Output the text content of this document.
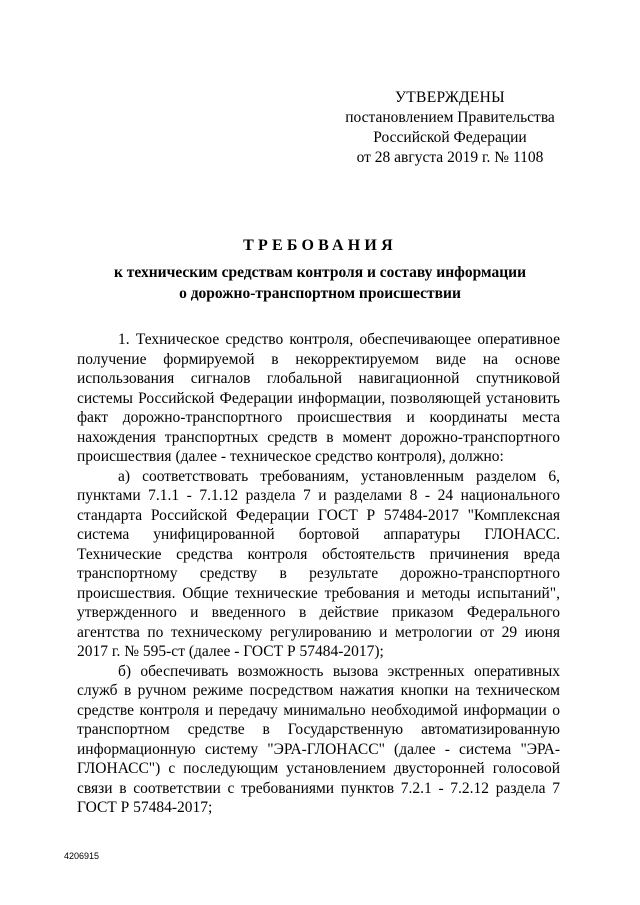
УТВЕРЖДЕНЫ
постановлением Правительства
Российской Федерации
от 28 августа 2019 г. № 1108
ТРЕБОВАНИЯ
к техническим средствам контроля и составу информации
о дорожно-транспортном происшествии

1. Техническое средство контроля, обеспечивающее оперативное получение формируемой в некорректируемом виде на основе использования сигналов глобальной навигационной спутниковой системы Российской Федерации информации, позволяющей установить факт дорожно-транспортного происшествия и координаты места нахождения транспортных средств в момент дорожно-транспортного происшествия (далее - техническое средство контроля), должно:

а) соответствовать требованиям, установленным разделом 6, пунктами 7.1.1 - 7.1.12 раздела 7 и разделами 8 - 24 национального стандарта Российской Федерации ГОСТ Р 57484-2017 "Комплексная система унифицированной бортовой аппаратуры ГЛОНАСС. Технические средства контроля обстоятельств причинения вреда транспортному средству в результате дорожно-транспортного происшествия. Общие технические требования и методы испытаний", утвержденного и введенного в действие приказом Федерального агентства по техническому регулированию и метрологии от 29 июня 2017 г. № 595-ст (далее - ГОСТ Р 57484-2017);

б) обеспечивать возможность вызова экстренных оперативных служб в ручном режиме посредством нажатия кнопки на техническом средстве контроля и передачу минимально необходимой информации о транспортном средстве в Государственную автоматизированную информационную систему "ЭРА-ГЛОНАСС" (далее - система "ЭРА-ГЛОНАСС") с последующим установлением двусторонней голосовой связи в соответствии с требованиями пунктов 7.2.1 - 7.2.12 раздела 7 ГОСТ Р 57484-2017;

4206915
